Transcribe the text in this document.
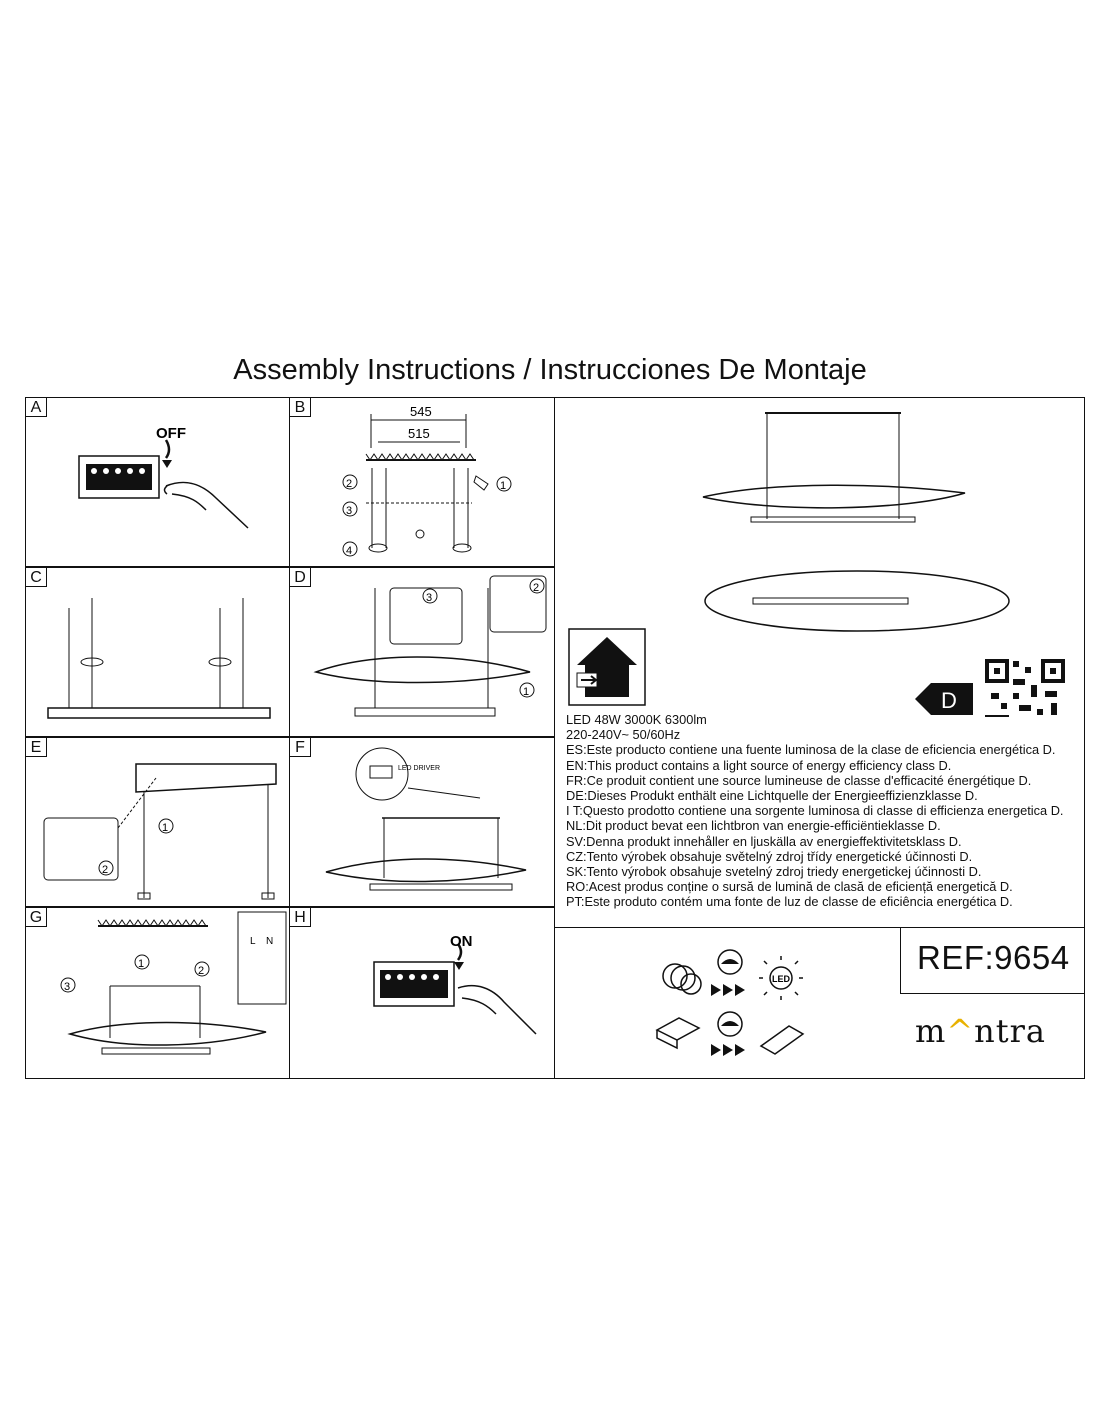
Assembly Instructions / Instrucciones De Montaje
A
OFF
B	545
515
2
3
4
1
C	D
3
2
1
E
1
2
F
LED DRIVER
G
L N
1
2
3
H
ON
D
LED 48W 3000K 6300lm
220-240V~ 50/60Hz
ES:Este producto contiene una fuente luminosa de la clase de eficiencia energética D.
EN:This product contains a light source of energy efficiency class D.
FR:Ce produit contient une source lumineuse de classe d'efficacité énergétique D.
DE:Dieses Produkt enthält eine Lichtquelle der Energieeffizienzklasse D.
I T:Questo prodotto contiene una sorgente luminosa di classe di efficienza energetica D.
NL:Dit product bevat een lichtbron van energie-efficiëntieklasse D.
SV:Denna produkt innehåller en ljuskälla av energieffektivitetsklass D.
CZ:Tento výrobek obsahuje světelný zdroj třídy energetické účinnosti D.
SK:Tento výrobok obsahuje svetelný zdroj triedy energetickej účinnosti D.
RO:Acest produs conține o sursă de lumină de clasă de eficiență energetică D.
PT:Este produto contém uma fonte de luz de classe de eficiência energética D.
LED
REF:9654
m^ntra
